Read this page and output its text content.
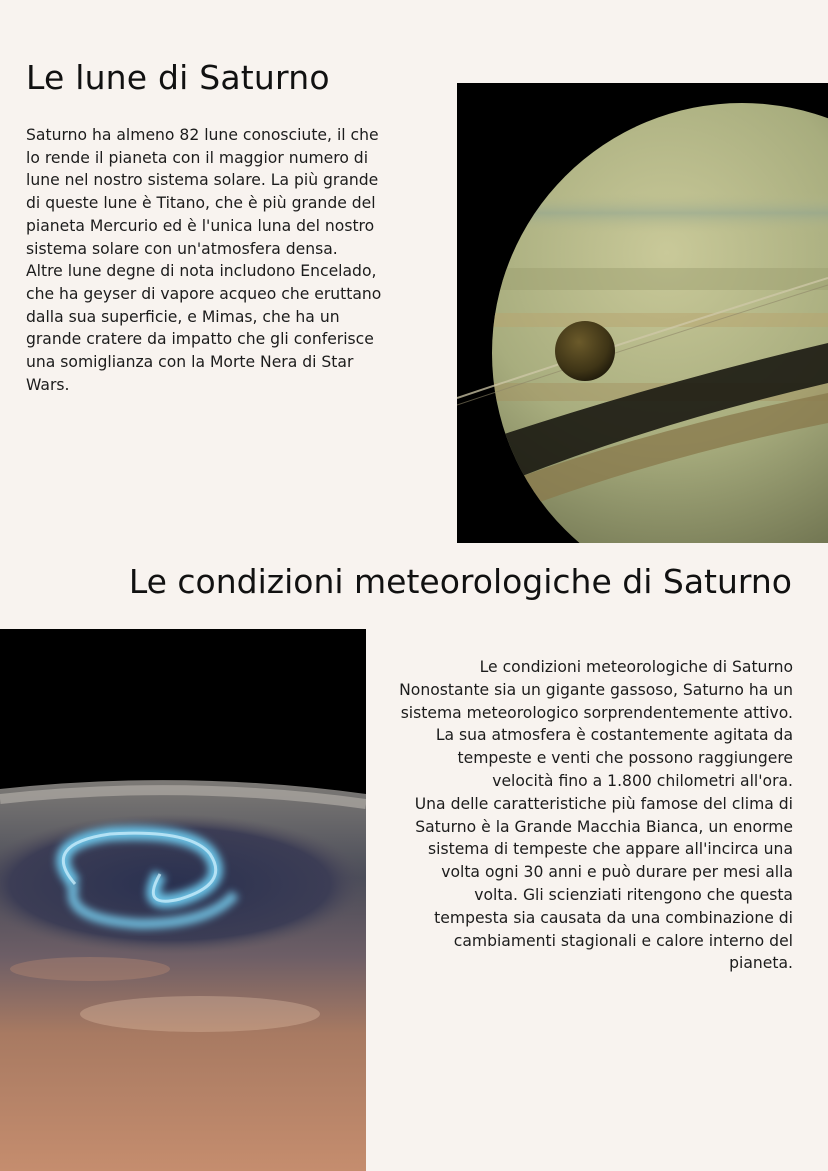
Le lune di Saturno

Saturno ha almeno 82 lune conosciute, il che
lo rende il pianeta con il maggior numero di
lune nel nostro sistema solare. La più grande
di queste lune è Titano, che è più grande del
pianeta Mercurio ed è l'unica luna del nostro
sistema solare con un'atmosfera densa.
Altre lune degne di nota includono Encelado,
che ha geyser di vapore acqueo che eruttano
dalla sua superficie, e Mimas, che ha un
grande cratere da impatto che gli conferisce
una somiglianza con la Morte Nera di Star
Wars.

Le condizioni meteorologiche di Saturno

Le condizioni meteorologiche di Saturno
Nonostante sia un gigante gassoso, Saturno ha un
sistema meteorologico sorprendentemente attivo.
La sua atmosfera è costantemente agitata da
tempeste e venti che possono raggiungere
velocità fino a 1.800 chilometri all'ora.
Una delle caratteristiche più famose del clima di
Saturno è la Grande Macchia Bianca, un enorme
sistema di tempeste che appare all'incirca una
volta ogni 30 anni e può durare per mesi alla
volta. Gli scienziati ritengono che questa
tempesta sia causata da una combinazione di
cambiamenti stagionali e calore interno del
pianeta.
